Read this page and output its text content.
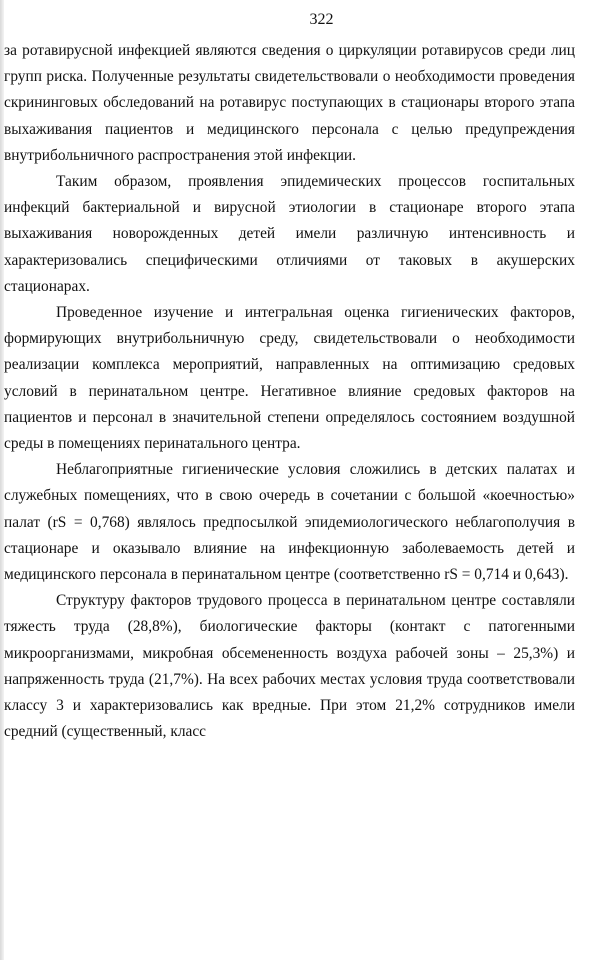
322

за ротавирусной инфекцией являются сведения о циркуляции ротавирусов среди лиц групп риска. Полученные результаты свидетельствовали о необходимости проведения скрининговых обследований на ротавирус поступающих в стационары второго этапа выхаживания пациентов и медицинского персонала с целью предупреждения внутрибольничного распространения этой инфекции.

Таким образом, проявления эпидемических процессов госпитальных инфекций бактериальной и вирусной этиологии в стационаре второго этапа выхаживания новорожденных детей имели различную интенсивность и характеризовались специфическими отличиями от таковых в акушерских стационарах.

Проведенное изучение и интегральная оценка гигиенических факторов, формирующих внутрибольничную среду, свидетельствовали о необходимости реализации комплекса мероприятий, направленных на оптимизацию средовых условий в перинатальном центре. Негативное влияние средовых факторов на пациентов и персонал в значительной степени определялось состоянием воздушной среды в помещениях перинатального центра.

Неблагоприятные гигиенические условия сложились в детских палатах и служебных помещениях, что в свою очередь в сочетании с большой «коечностью» палат (rS = 0,768) являлось предпосылкой эпидемиологического неблагополучия в стационаре и оказывало влияние на инфекционную заболеваемость детей и медицинского персонала в перинатальном центре (соответственно rS = 0,714 и 0,643).

Структуру факторов трудового процесса в перинатальном центре составляли тяжесть труда (28,8%), биологические факторы (контакт с патогенными микроорганизмами, микробная обсемененность воздуха рабочей зоны – 25,3%) и напряженность труда (21,7%). На всех рабочих местах условия труда соответствовали классу 3 и характеризовались как вредные. При этом 21,2% сотрудников имели средний (существенный, класс
